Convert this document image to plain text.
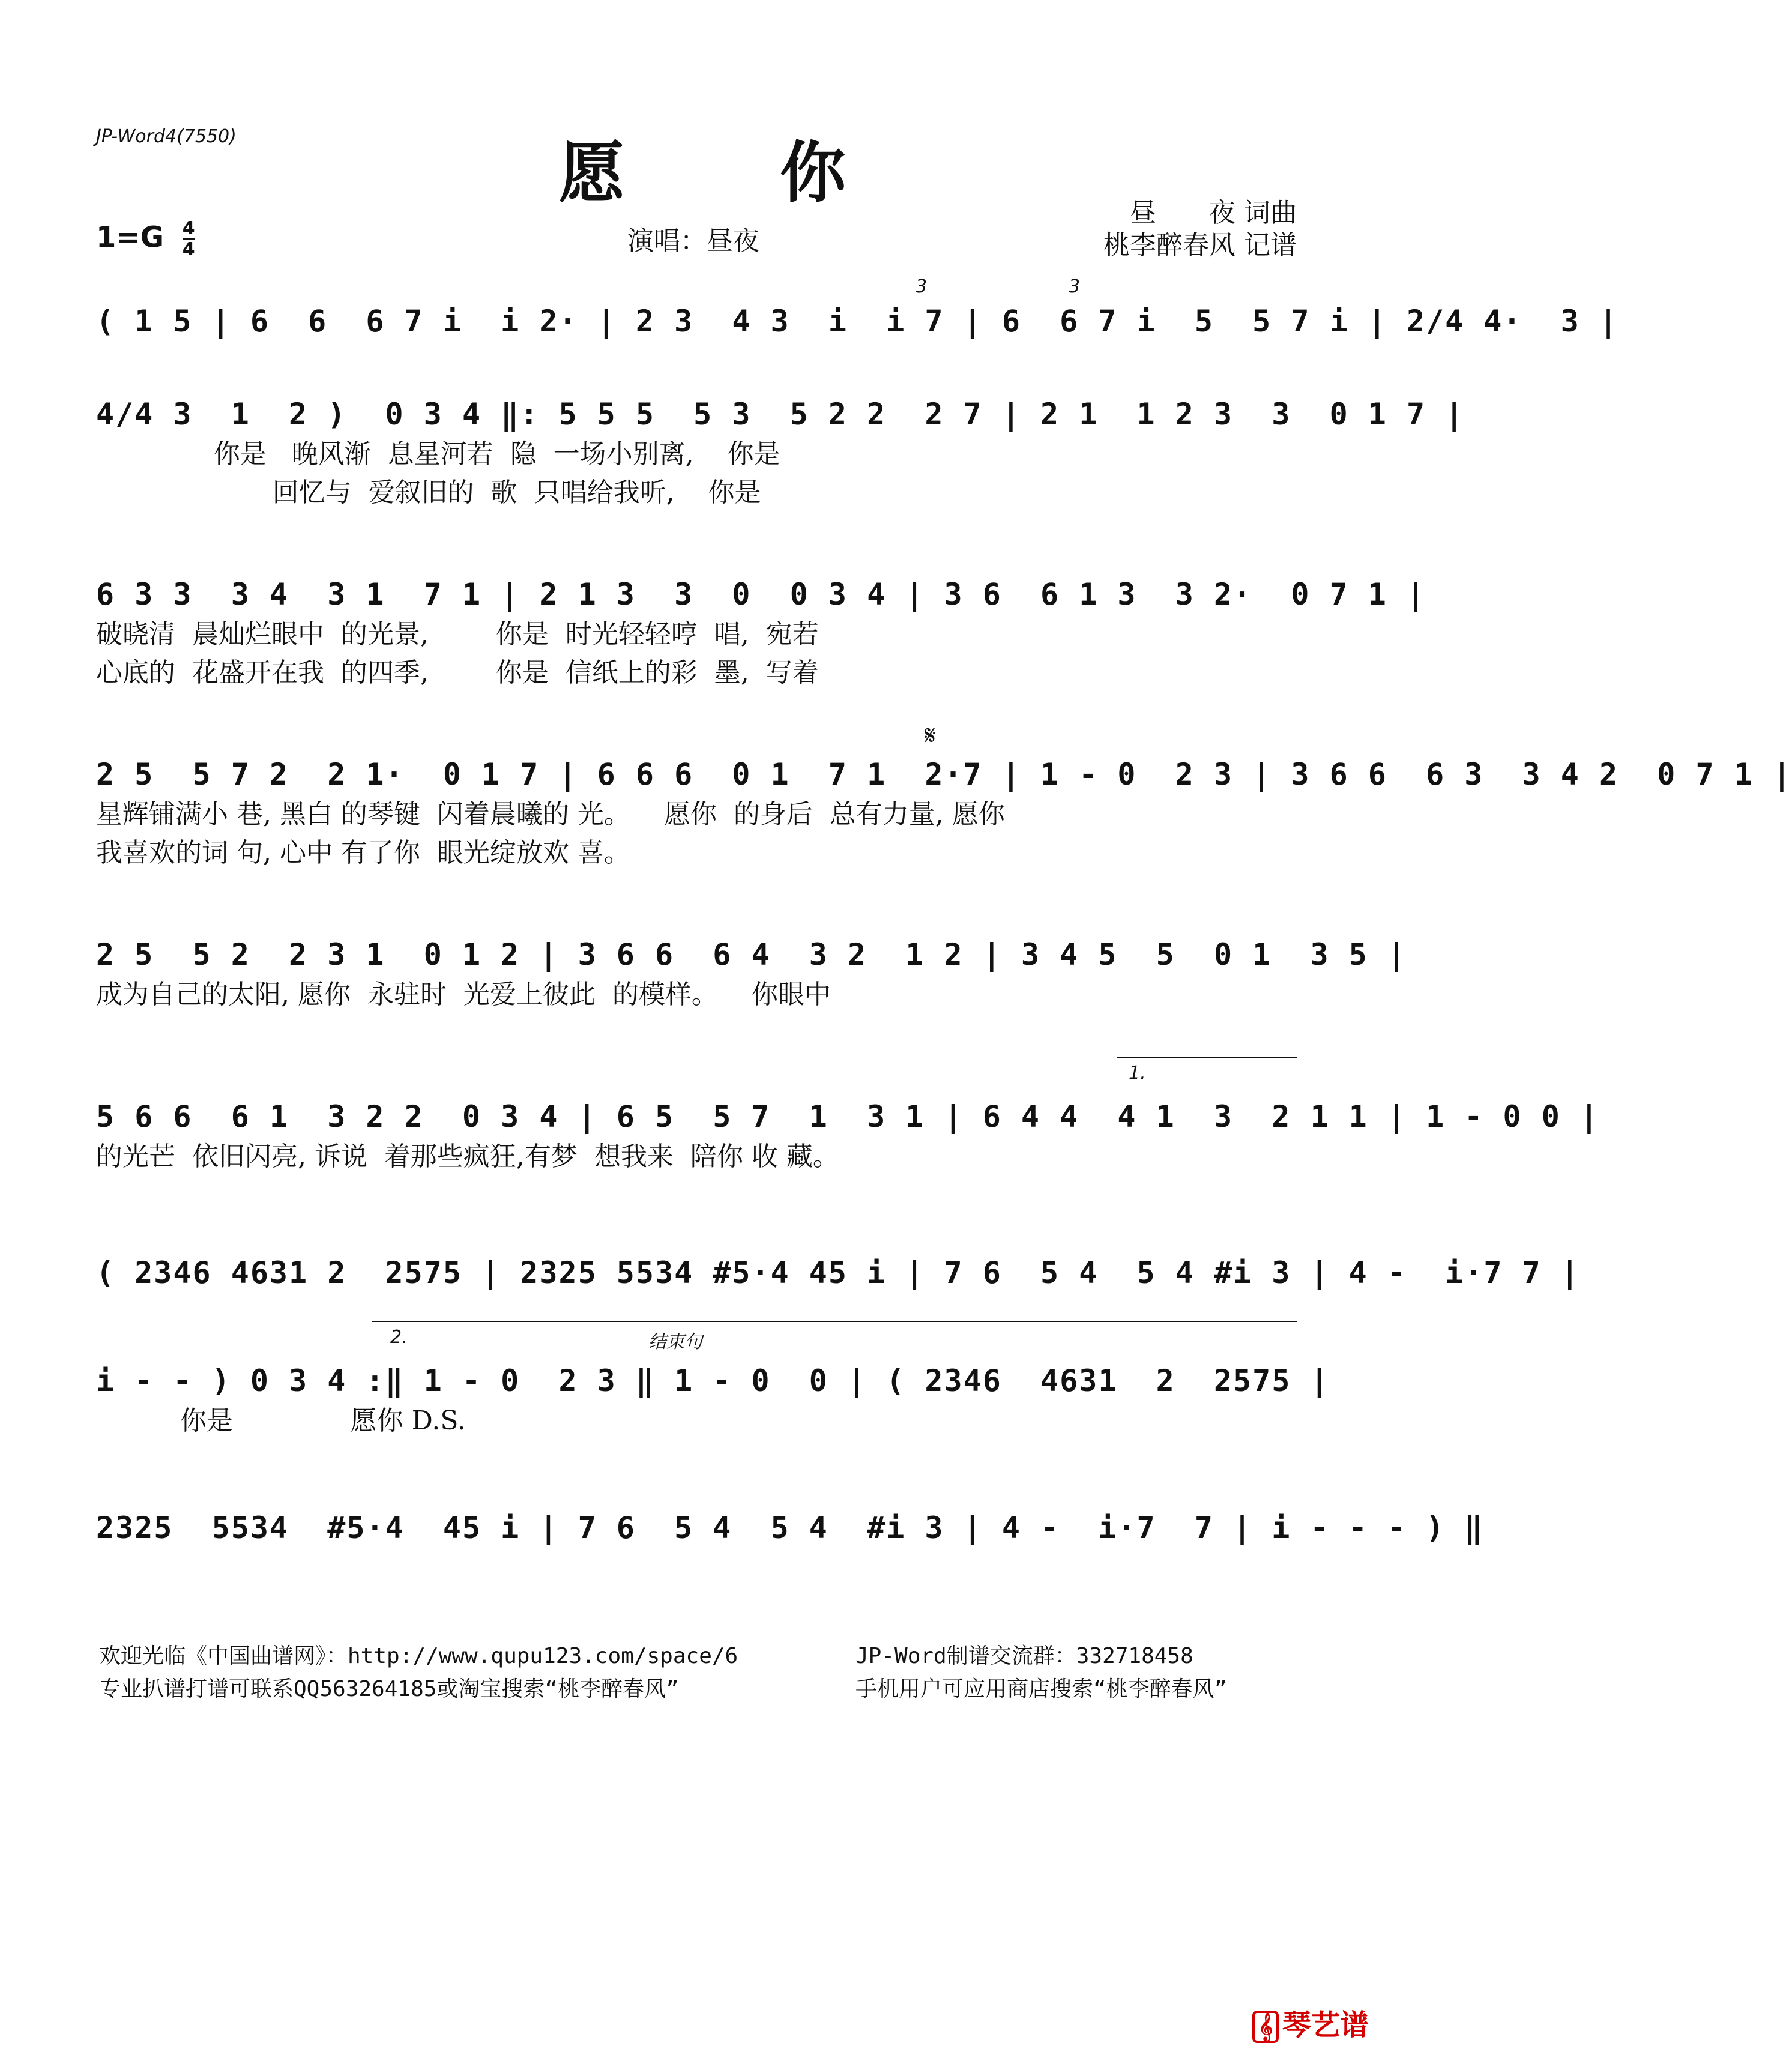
JP-Word4(7550)	愿 你
昼　　夜 词曲
桃李醉春风 记谱
$1=G \frac{4}{4}$	演唱：昼夜
( 1 5 | 6  6  6 7 i  i 2· | 2 3  4 3  i  i 7 | 6  6 7 i  5  5 7 i | 2/4 4·  3 |
3	3
4/4 3  1  2 )  0 3 4 ‖: 5 5 5  5 3  5 2 2  2 7 | 2 1  1 2 3  3  0 1 7 |
你是   晚风渐  息星河若  隐  一场小别离,    你是
回忆与  爱叙旧的  歌  只唱给我听,    你是
6 3 3  3 4  3 1  7 1 | 2 1 3  3  0  0 3 4 | 3 6  6 1 3  3 2·  0 7 1 |
破晓清  晨灿烂眼中  的光景,        你是  时光轻轻哼  唱,  宛若
心底的  花盛开在我  的四季,        你是  信纸上的彩  墨,  写着
𝄋
2 5  5 7 2  2 1·  0 1 7 | 6 6 6  0 1  7 1  2·7 | 1 - 0  2 3 | 3 6 6  6 3  3 4 2  0 7 1 |
星辉铺满小 巷, 黑白 的琴键  闪着晨曦的 光。    愿你  的身后  总有力量, 愿你
我喜欢的词 句, 心中 有了你  眼光绽放欢 喜。
2 5  5 2  2 3 1  0 1 2 | 3 6 6  6 4  3 2  1 2 | 3 4 5  5  0 1  3 5 |
成为自己的太阳, 愿你  永驻时  光爱上彼此  的模样。    你眼中
1.
5 6 6  6 1  3 2 2  0 3 4 | 6 5  5 7  1  3 1 | 6 4 4  4 1  3  2 1 1 | 1 - 0 0 |
的光芒  依旧闪亮, 诉说  着那些疯狂,有梦  想我来  陪你 收 藏。
( 2346 4631 2  2575 | 2325 5534 #5·4 45 i | 7 6  5 4  5 4 #i 3 | 4 -  i·7 7 |
2.	结束句
i - - ) 0 3 4 :‖ 1 - 0  2 3 ‖ 1 - 0  0 | ( 2346  4631  2  2575 |
你是              愿你 D.S.
2325  5534  #5·4  45 i | 7 6  5 4  5 4  #i 3 | 4 -  i·7  7 | i - - - ) ‖
欢迎光临《中国曲谱网》：http://www.qupu123.com/space/6	JP-Word制谱交流群：332718458
专业扒谱打谱可联系QQ563264185或淘宝搜索“桃李醉春风”	手机用户可应用商店搜索“桃李醉春风”
𝄞 琴艺谱
